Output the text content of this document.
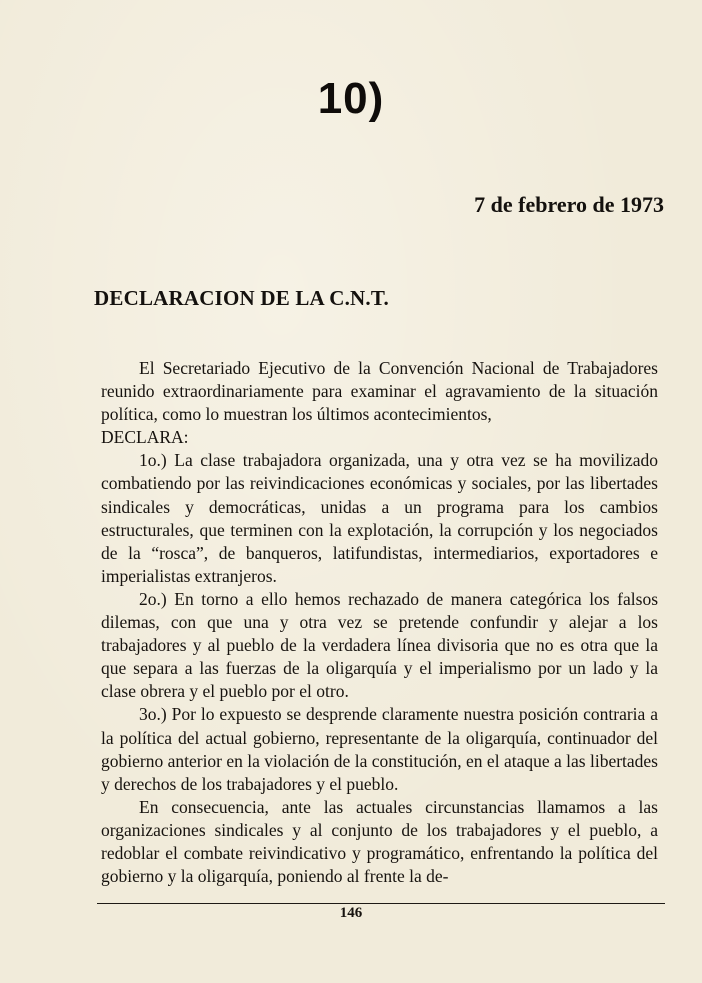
10)
7 de febrero de 1973
DECLARACION DE LA C.N.T.

El Secretariado Ejecutivo de la Convención Nacional de Trabajadores reunido extraordinariamente para examinar el agravamiento de la situación política, como lo muestran los últimos acontecimientos,

DECLARA:

1o.) La clase trabajadora organizada, una y otra vez se ha movilizado combatiendo por las reivindicaciones económicas y sociales, por las libertades sindicales y democráticas, unidas a un programa para los cambios estructurales, que terminen con la explotación, la corrupción y los negociados de la “rosca”, de banqueros, latifundistas, intermediarios, exportadores e imperialistas extranjeros.

2o.) En torno a ello hemos rechazado de manera categórica los falsos dilemas, con que una y otra vez se pretende confundir y alejar a los trabajadores y al pueblo de la verdadera línea divisoria que no es otra que la que separa a las fuerzas de la oligarquía y el imperialismo por un lado y la clase obrera y el pueblo por el otro.

3o.) Por lo expuesto se desprende claramente nuestra posición contraria a la política del actual gobierno, representante de la oligarquía, continuador del gobierno anterior en la violación de la constitución, en el ataque a las libertades y derechos de los trabajadores y el pueblo.

En consecuencia, ante las actuales circunstancias llamamos a las organizaciones sindicales y al conjunto de los trabajadores y el pueblo, a redoblar el combate reivindicativo y programático, enfrentando la política del gobierno y la oligarquía, poniendo al frente la de-

146
